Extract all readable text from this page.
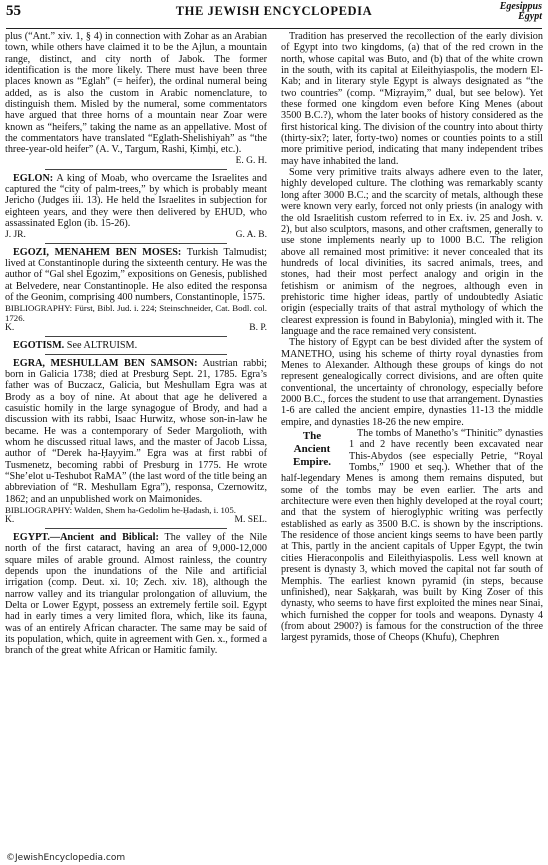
55	THE JEWISH ENCYCLOPEDIA	Egesippus
Egypt

plus (“Ant.” xiv. 1, § 4) in connection with Zohar as an Arabian town, while others have claimed it to be the Ajlun, a mountain range, distinct, and city north of Jabok. The former identification is the more likely. There must have been three places known as “Eglah” (= heifer), the ordinal numeral being added, as is also the custom in Arabic nomenclature, to distinguish them. Misled by the numeral, some commentators have argued that three horns of a mountain near Zoar were known as “heifers,” taking the name as an appellative. Most of the commentators have translated “Eglath-Shelishiyah” as “the three-year-old heifer” (A. V., Targum, Rashi, Ḳimḥi, etc.).

E. G. H.

EGLON: A king of Moab, who overcame the Israelites and captured the “city of palm-trees,” by which is probably meant Jericho (Judges iii. 13). He held the Israelites in subjection for eighteen years, and they were then delivered by EHUD, who assassinated Eglon (ib. 15-26).

J. JR.	G. A. B.

EGOZI, MENAHEM BEN MOSES: Turkish Talmudist; lived at Constantinople during the sixteenth century. He was the author of “Gal shel Egozim,” expositions on Genesis, published at Belvedere, near Constantinople. He also edited the responsa of the Geonim, comprising 400 numbers, Constantinople, 1575.

BIBLIOGRAPHY: Fürst, Bibl. Jud. i. 224; Steinschneider, Cat. Bodl. col. 1726.

K.	B. P.

EGOTISM. See ALTRUISM.

EGRA, MESHULLAM BEN SAMSON: Austrian rabbi; born in Galicia 1738; died at Presburg Sept. 21, 1785. Egra’s father was of Buczacz, Galicia, but Meshullam Egra was at Brody as a boy of nine. At about that age he delivered a casuistic homily in the large synagogue of Brody, and had a discussion with its rabbi, Isaac Hurwitz, whose son-in-law he became. He was a contemporary of Seder Margolioth, with whom he discussed ritual laws, and the master of Jacob Lissa, author of “Derek ha-Ḥayyim.” Egra was at first rabbi of Tusmenetz, becoming rabbi of Presburg in 1775. He wrote “She’elot u-Teshubot RaMA” (the last word of the title being an abbreviation of “R. Meshullam Egra”), responsa, Czernowitz, 1862; and an unpublished work on Maimonides.

BIBLIOGRAPHY: Walden, Shem ha-Gedolim he-Ḥadash, i. 105.

K.	M. SEL.

EGYPT.—Ancient and Biblical: The valley of the Nile north of the first cataract, having an area of 9,000-12,000 square miles of arable ground. Almost rainless, the country depends upon the inundations of the Nile and artificial irrigation (comp. Deut. xi. 10; Zech. xiv. 18), although the narrow valley and its triangular prolongation of alluvium, the Delta or Lower Egypt, possess an extremely fertile soil. Egypt had in early times a very limited flora, which, like its fauna, was of an entirely African character. The same may be said of its population, which, quite in agreement with Gen. x., formed a branch of the great white African or Hamitic family.

Tradition has preserved the recollection of the early division of Egypt into two kingdoms, (a) that of the red crown in the north, whose capital was Buto, and (b) that of the white crown in the south, with its capital at Eileithyiaspolis, the modern El-Kab; and in literary style Egypt is always designated as “the two countries” (comp. “Miẓrayim,” dual, but see below). Yet these formed one kingdom even before King Menes (about 3500 B.C.?), whom the later books of history considered as the first historical king. The division of the country into about thirty (thirty-six?; later, forty-two) nomes or counties points to a still more primitive period, indicating that many independent tribes may have inhabited the land.

Some very primitive traits always adhere even to the later, highly developed culture. The clothing was remarkably scanty long after 3000 B.C.; and the scarcity of metals, although these were known very early, forced not only priests (in analogy with the old Israelitish custom referred to in Ex. iv. 25 and Josh. v. 2), but also sculptors, masons, and other craftsmen, generally to use stone implements nearly up to 1000 B.C. The religion above all remained most primitive: it never concealed that its hundreds of local divinities, its sacred animals, trees, and stones, had their most perfect analogy and origin in the fetishism or animism of the negroes, although even in prehistoric time higher ideas, partly of undoubtedly Asiatic origin (especially traits of that astral mythology of which the clearest expression is found in Babylonia), mingled with it. The language and the race remained very consistent.

The history of Egypt can be best divided after the system of MANETHO, using his scheme of thirty royal dynasties from Menes to Alexander. Although these groups of kings do not represent genealogically correct divisions, and are often quite conventional, the uncertainty of chronology, especially before 2000 B.C., forces the student to use that arrangement. Dynasties 1-6 are called the ancient empire, dynasties 11-13 the middle empire, and dynasties 18-26 the new empire.

The
Ancient
Empire.

The tombs of Manetho’s “Thinitic” dynasties 1 and 2 have recently been excavated near This-Abydos (see especially Petrie, “Royal Tombs,” 1900 et seq.). Whether that of the half-legendary Menes is among them remains disputed, but some of the tombs may be even earlier. The arts and architecture were even then highly developed at the royal court; and that the system of hieroglyphic writing was perfectly established as early as 3500 B.C. is shown by the inscriptions. The residence of those ancient kings seems to have been partly at This, partly in the ancient capitals of Upper Egypt, the twin cities Hieraconpolis and Eileithyiaspolis. Less well known at present is dynasty 3, which moved the capital not far south of Memphis. The earliest known pyramid (in steps, because unfinished), near Saḳḳarah, was built by King Zoser of this dynasty, who seems to have first exploited the mines near Sinai, which furnished the copper for tools and weapons. Dynasty 4 (from about 2900?) is famous for the construction of the three largest pyramids, those of Cheops (Khufu), Chephren

©JewishEncyclopedia.com
